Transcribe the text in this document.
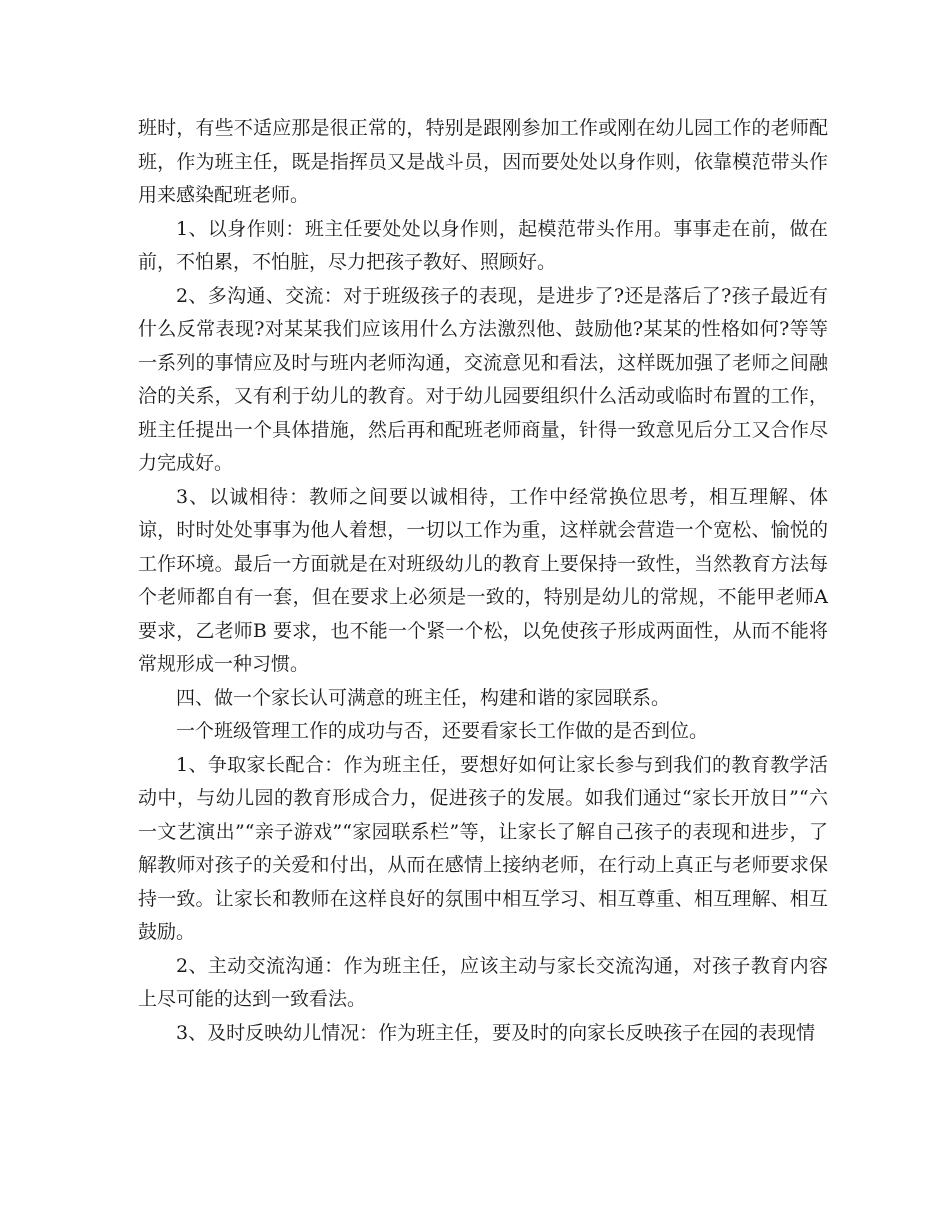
班时，有些不适应那是很正常的，特别是跟刚参加工作或刚在幼儿园工作的老师配班，作为班主任，既是指挥员又是战斗员，因而要处处以身作则，依靠模范带头作用来感染配班老师。

1、以身作则：班主任要处处以身作则，起模范带头作用。事事走在前，做在前，不怕累，不怕脏，尽力把孩子教好、照顾好。

2、多沟通、交流：对于班级孩子的表现，是进步了?还是落后了?孩子最近有什么反常表现?对某某我们应该用什么方法激烈他、鼓励他?某某的性格如何?等等一系列的事情应及时与班内老师沟通，交流意见和看法，这样既加强了老师之间融洽的关系，又有利于幼儿的教育。对于幼儿园要组织什么活动或临时布置的工作，班主任提出一个具体措施，然后再和配班老师商量，针得一致意见后分工又合作尽力完成好。

3、以诚相待：教师之间要以诚相待，工作中经常换位思考，相互理解、体谅，时时处处事事为他人着想，一切以工作为重，这样就会营造一个宽松、愉悦的工作环境。最后一方面就是在对班级幼儿的教育上要保持一致性，当然教育方法每个老师都自有一套，但在要求上必须是一致的，特别是幼儿的常规，不能甲老师A要求，乙老师B 要求，也不能一个紧一个松，以免使孩子形成两面性，从而不能将常规形成一种习惯。

四、做一个家长认可满意的班主任，构建和谐的家园联系。

一个班级管理工作的成功与否，还要看家长工作做的是否到位。

1、争取家长配合：作为班主任，要想好如何让家长参与到我们的教育教学活动中，与幼儿园的教育形成合力，促进孩子的发展。如我们通过“家长开放日”“六一文艺演出”“亲子游戏”“家园联系栏”等，让家长了解自己孩子的表现和进步，了解教师对孩子的关爱和付出，从而在感情上接纳老师，在行动上真正与老师要求保持一致。让家长和教师在这样良好的氛围中相互学习、相互尊重、相互理解、相互鼓励。

2、主动交流沟通：作为班主任，应该主动与家长交流沟通，对孩子教育内容上尽可能的达到一致看法。

3、及时反映幼儿情况：作为班主任，要及时的向家长反映孩子在园的表现情
